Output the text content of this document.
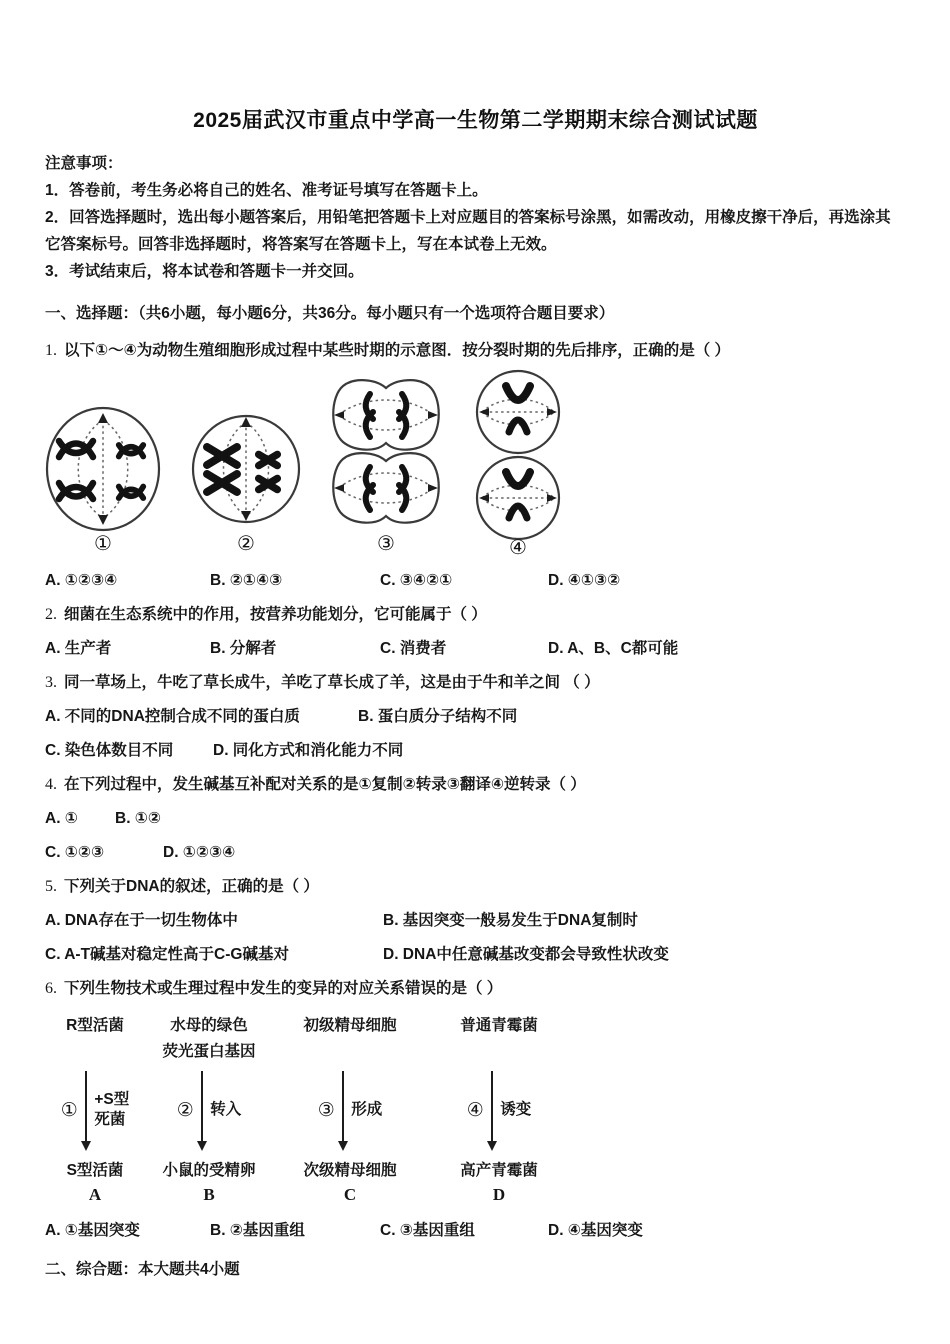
2025届武汉市重点中学高一生物第二学期期末综合测试试题
注意事项：
1．答卷前，考生务必将自己的姓名、准考证号填写在答题卡上。
2．回答选择题时，选出每小题答案后，用铅笔把答题卡上对应题目的答案标号涂黑，如需改动，用橡皮擦干净后，再选涂其它答案标号。回答非选择题时，将答案写在答题卡上，写在本试卷上无效。
3．考试结束后，将本试卷和答题卡一并交回。
一、选择题：（共6小题，每小题6分，共36分。每小题只有一个选项符合题目要求）
1. 以下①～④为动物生殖细胞形成过程中某些时期的示意图．按分裂时期的先后排序，正确的是（ ）
①	②	③	④
A. ①②③④	B. ②①④③	C. ③④②①	D. ④①③②
2. 细菌在生态系统中的作用，按营养功能划分，它可能属于（ ）
A. 生产者	B. 分解者	C. 消费者	D. A、B、C都可能
3. 同一草场上，牛吃了草长成牛，羊吃了草长成了羊，这是由于牛和羊之间 （ ）
A. 不同的DNA控制合成不同的蛋白质	B. 蛋白质分子结构不同
C. 染色体数目不同	D. 同化方式和消化能力不同
4. 在下列过程中，发生碱基互补配对关系的是①复制②转录③翻译④逆转录（ ）
A. ①	B. ①②
C. ①②③	D. ①②③④
5. 下列关于DNA的叙述，正确的是（ ）
A. DNA存在于一切生物体中	B. 基因突变一般易发生于DNA复制时
C. A-T碱基对稳定性高于C-G碱基对	D. DNA中任意碱基改变都会导致性状改变
6. 下列生物技术或生理过程中发生的变异的对应关系错误的是（ ）
R型活菌
① +S型
死菌
S型活菌
A
水母的绿色
荧光蛋白基因
② 转入
小鼠的受精卵
B
初级精母细胞
③ 形成
次级精母细胞
C
普通青霉菌
④ 诱变
高产青霉菌
D
A. ①基因突变	B. ②基因重组	C. ③基因重组	D. ④基因突变
二、综合题：本大题共4小题
